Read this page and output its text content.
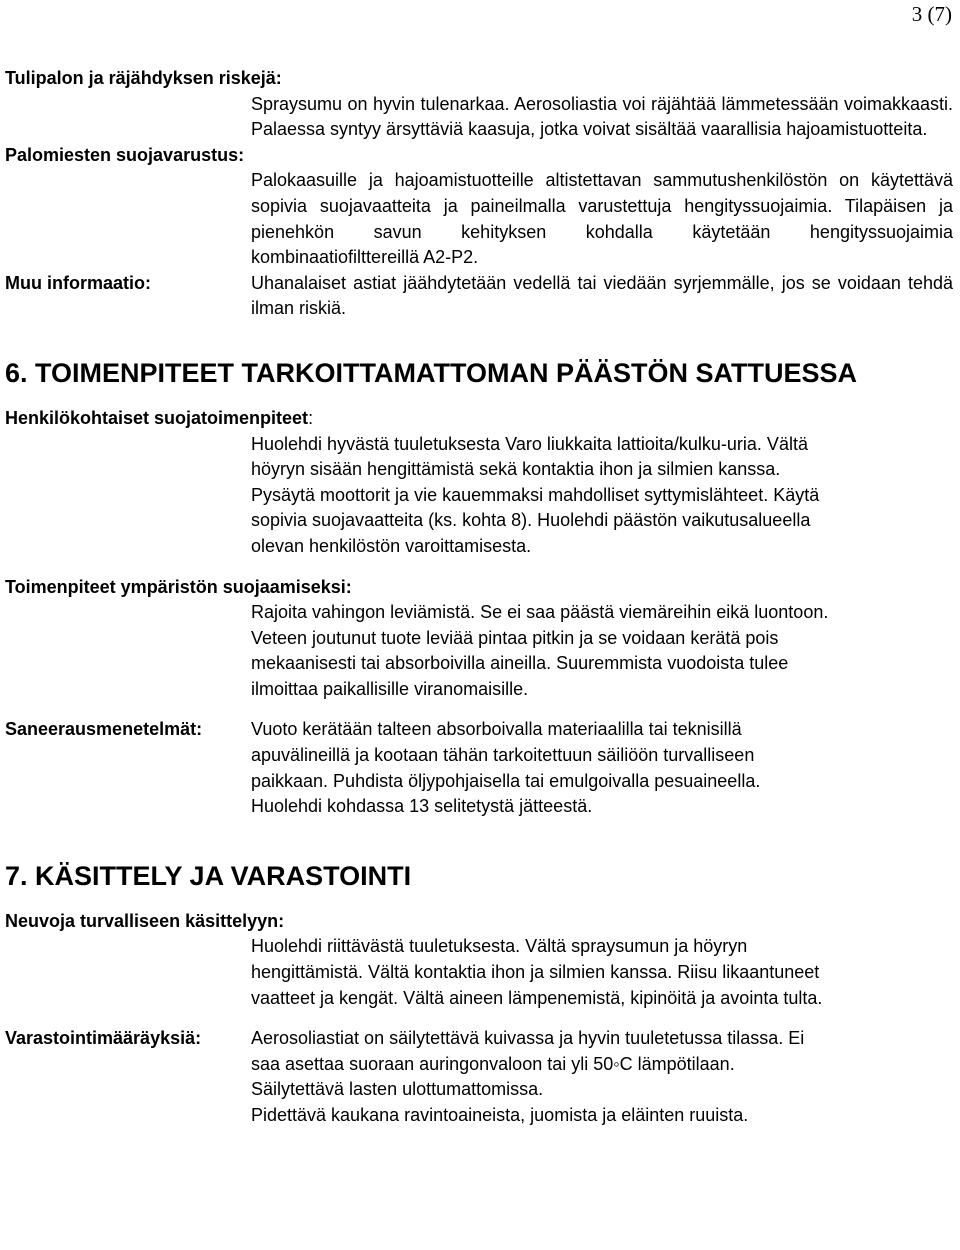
3 (7)
Tulipalon ja räjähdyksen riskejä:
Spraysumu on hyvin tulenarkaa. Aerosoliastia voi räjähtää lämmetessään voimakkaasti. Palaessa syntyy ärsyttäviä kaasuja, jotka voivat sisältää vaarallisia hajoamistuotteita.
Palomiesten suojavarustus:
Palokaasuille ja hajoamistuotteille altistettavan sammutushenkilöstön on käytettävä sopivia suojavaatteita ja paineilmalla varustettuja hengityssuojaimia. Tilapäisen ja pienehkön savun kehityksen kohdalla käytetään hengityssuojaimia kombinaatiofilttereillä A2-P2.
Muu informaatio:	Uhanalaiset astiat jäähdytetään vedellä tai viedään syrjemmälle, jos se voidaan tehdä ilman riskiä.
6. TOIMENPITEET TARKOITTAMATTOMAN PÄÄSTÖN SATTUESSA
Henkilökohtaiset suojatoimenpiteet:
Huolehdi hyvästä tuuletuksesta Varo liukkaita lattioita/kulku-uria. Vältä
höyryn sisään hengittämistä sekä kontaktia ihon ja silmien kanssa.
Pysäytä moottorit ja vie kauemmaksi mahdolliset syttymislähteet. Käytä
sopivia suojavaatteita (ks. kohta 8). Huolehdi päästön vaikutusalueella
olevan henkilöstön varoittamisesta.
Toimenpiteet ympäristön suojaamiseksi:
Rajoita vahingon leviämistä. Se ei saa päästä viemäreihin eikä luontoon.
Veteen joutunut tuote leviää pintaa pitkin ja se voidaan kerätä pois
mekaanisesti tai absorboivilla aineilla. Suuremmista vuodoista tulee
ilmoittaa paikallisille viranomaisille.
Saneerausmenetelmät:	Vuoto kerätään talteen absorboivalla materiaalilla tai teknisillä
apuvälineillä ja kootaan tähän tarkoitettuun säiliöön turvalliseen
paikkaan. Puhdista öljypohjaisella tai emulgoivalla pesuaineella.
Huolehdi kohdassa 13 selitetystä jätteestä.
7. KÄSITTELY JA VARASTOINTI
Neuvoja turvalliseen käsittelyyn:
Huolehdi riittävästä tuuletuksesta. Vältä spraysumun ja höyryn
hengittämistä. Vältä kontaktia ihon ja silmien kanssa. Riisu likaantuneet
vaatteet ja kengät. Vältä aineen lämpenemistä, kipinöitä ja avointa tulta.
Varastointimääräyksiä:	Aerosoliastiat on säilytettävä kuivassa ja hyvin tuuletetussa tilassa. Ei
saa asettaa suoraan auringonvaloon tai yli 50◦C lämpötilaan.
Säilytettävä lasten ulottumattomissa.
Pidettävä kaukana ravintoaineista, juomista ja eläinten ruuista.
